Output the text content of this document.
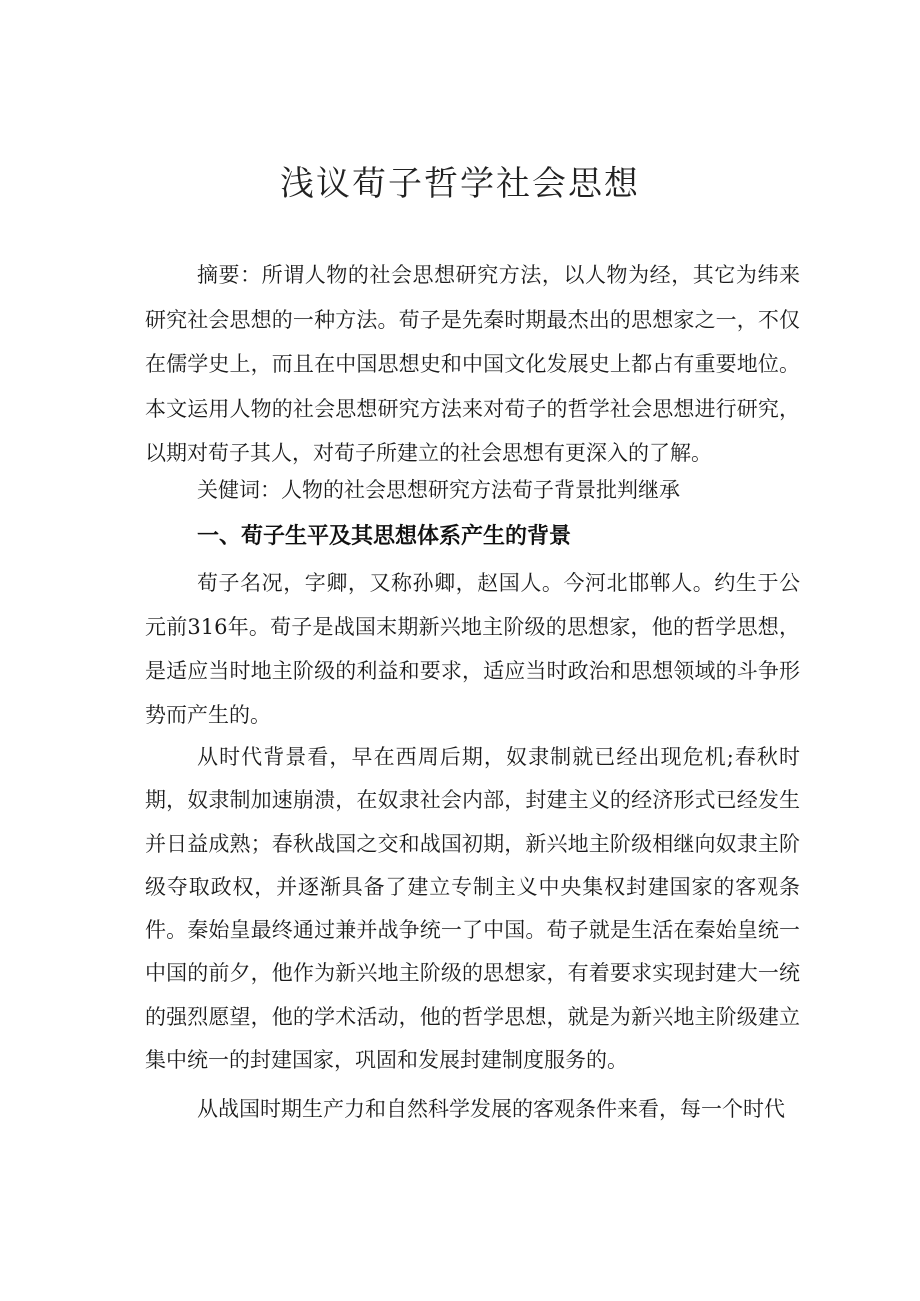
浅议荀子哲学社会思想

摘要：所谓人物的社会思想研究方法，以人物为经，其它为纬来研究社会思想的一种方法。荀子是先秦时期最杰出的思想家之一，不仅在儒学史上，而且在中国思想史和中国文化发展史上都占有重要地位。本文运用人物的社会思想研究方法来对荀子的哲学社会思想进行研究，以期对荀子其人，对荀子所建立的社会思想有更深入的了解。

关健词：人物的社会思想研究方法荀子背景批判继承

一、荀子生平及其思想体系产生的背景

荀子名况，字卿，又称孙卿，赵国人。今河北邯郸人。约生于公元前316年。荀子是战国末期新兴地主阶级的思想家，他的哲学思想，是适应当时地主阶级的利益和要求，适应当时政治和思想领域的斗争形势而产生的。

从时代背景看，早在西周后期，奴隶制就已经出现危机;春秋时期，奴隶制加速崩溃，在奴隶社会内部，封建主义的经济形式已经发生并日益成熟；春秋战国之交和战国初期，新兴地主阶级相继向奴隶主阶级夺取政权，并逐渐具备了建立专制主义中央集权封建国家的客观条件。秦始皇最终通过兼并战争统一了中国。荀子就是生活在秦始皇统一中国的前夕，他作为新兴地主阶级的思想家，有着要求实现封建大一统的强烈愿望，他的学术活动，他的哲学思想，就是为新兴地主阶级建立集中统一的封建国家，巩固和发展封建制度服务的。

从战国时期生产力和自然科学发展的客观条件来看，每一个时代
